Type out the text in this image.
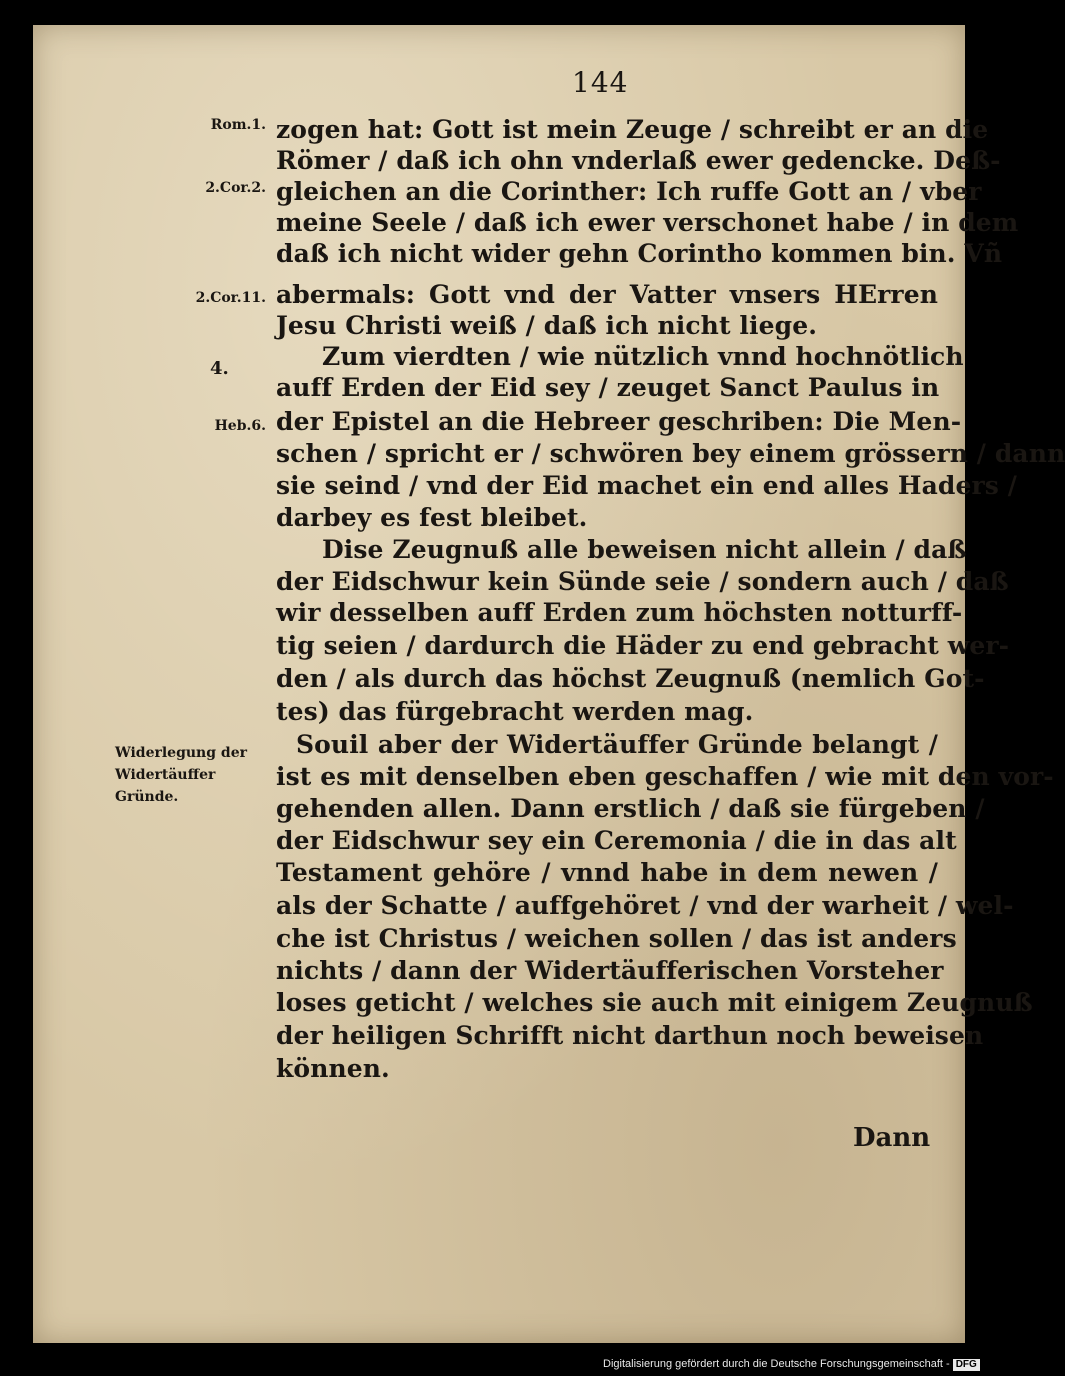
144
Rom.1.
2.Cor.2.
2.Cor.11.
4.
Heb.6.
Widerlegung der Widertäuffer Gründe.
zogen hat: Gott ist mein Zeuge / schreibt er an die
Römer / daß ich ohn vnderlaß ewer gedencke. Deß-
gleichen an die Corinther: Ich ruffe Gott an / vber
meine Seele / daß ich ewer verschonet habe / in dem
daß ich nicht wider gehn Corintho kommen bin. Vñ
abermals: Gott vnd der Vatter vnsers HErren
Jesu Christi weiß / daß ich nicht liege.
Zum vierdten / wie nützlich vnnd hochnötlich
auff Erden der Eid sey / zeuget Sanct Paulus in
der Epistel an die Hebreer geschriben: Die Men-
schen / spricht er / schwören bey einem grössern / dann
sie seind / vnd der Eid machet ein end alles Haders /
darbey es fest bleibet.
Dise Zeugnuß alle beweisen nicht allein / daß
der Eidschwur kein Sünde seie / sondern auch / daß
wir desselben auff Erden zum höchsten notturff-
tig seien / dardurch die Häder zu end gebracht wer-
den / als durch das höchst Zeugnuß (nemlich Got-
tes) das fürgebracht werden mag.
Souil aber der Widertäuffer Gründe belangt /
ist es mit denselben eben geschaffen / wie mit den vor-
gehenden allen. Dann erstlich / daß sie fürgeben /
der Eidschwur sey ein Ceremonia / die in das alt
Testament gehöre / vnnd habe in dem newen /
als der Schatte / auffgehöret / vnd der warheit / wel-
che ist Christus / weichen sollen / das ist anders
nichts / dann der Widertäufferischen Vorsteher
loses geticht / welches sie auch mit einigem Zeugnuß
der heiligen Schrifft nicht darthun noch beweisen
können.
Dann
Digitalisierung gefördert durch die Deutsche Forschungsgemeinschaft - DFG
